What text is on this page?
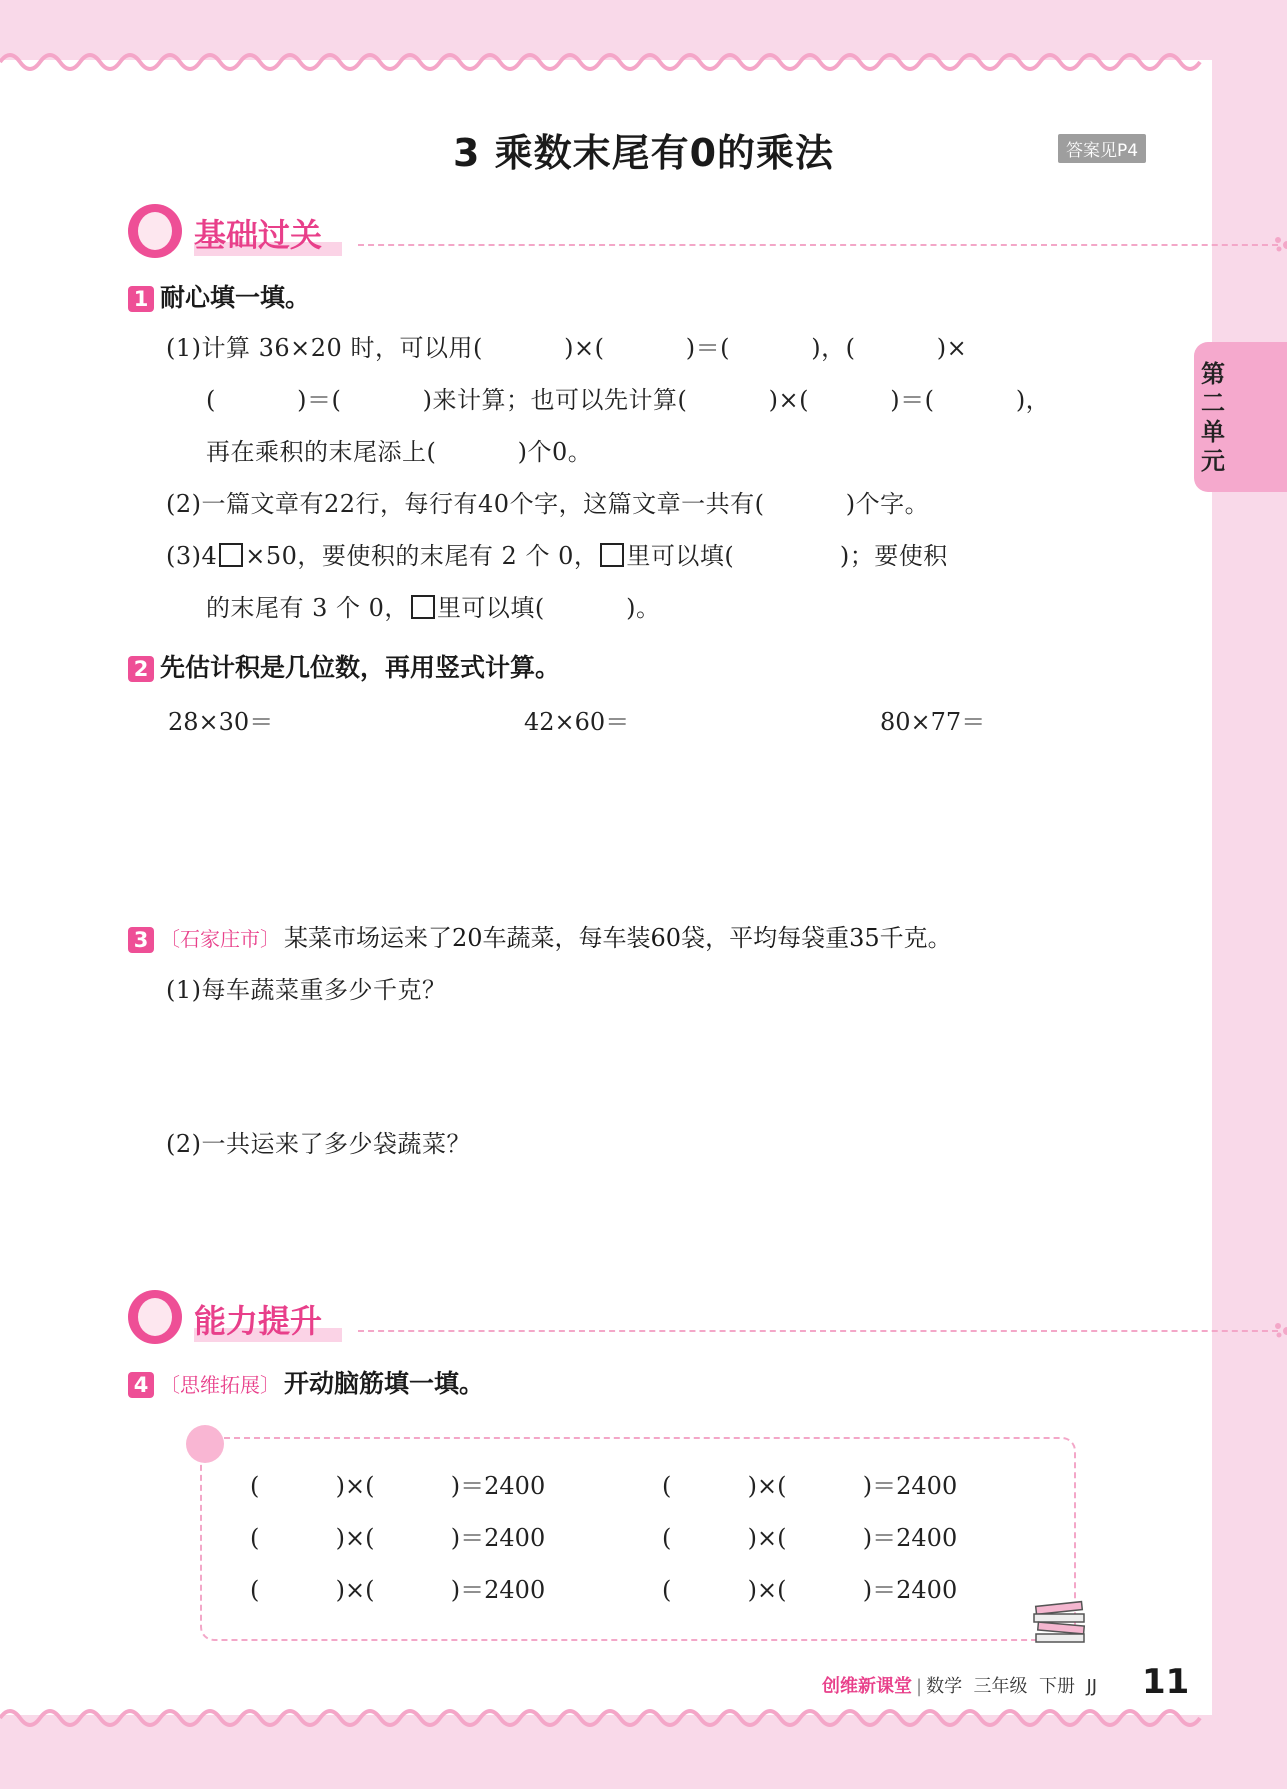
第二单元
3 乘数末尾有0的乘法	答案见P4
基础过关
1 耐心填一填。
(1)计算 36×20 时，可以用(          )×(          )＝(          )，(          )×
(          )＝(          )来计算；也可以先计算(          )×(          )＝(          )，
再在乘积的末尾添上(          )个0。
(2)一篇文章有22行，每行有40个字，这篇文章一共有(          )个字。
(3)4 ×50，要使积的末尾有 2 个 0， 里可以填(             )；要使积
的末尾有 3 个 0， 里可以填(          )。
2 先估计积是几位数，再用竖式计算。
28×30＝	42×60＝	80×77＝
3 〔石家庄市〕 某菜市场运来了20车蔬菜，每车装60袋，平均每袋重35千克。
(1)每车蔬菜重多少千克？
(2)一共运来了多少袋蔬菜？
能力提升
4 〔思维拓展〕 开动脑筋填一填。
(          )×(          )＝2400	(          )×(          )＝2400
(          )×(          )＝2400	(          )×(          )＝2400
(          )×(          )＝2400	(          )×(          )＝2400
创维新课堂 | 数学 三年级 下册 JJ 11
